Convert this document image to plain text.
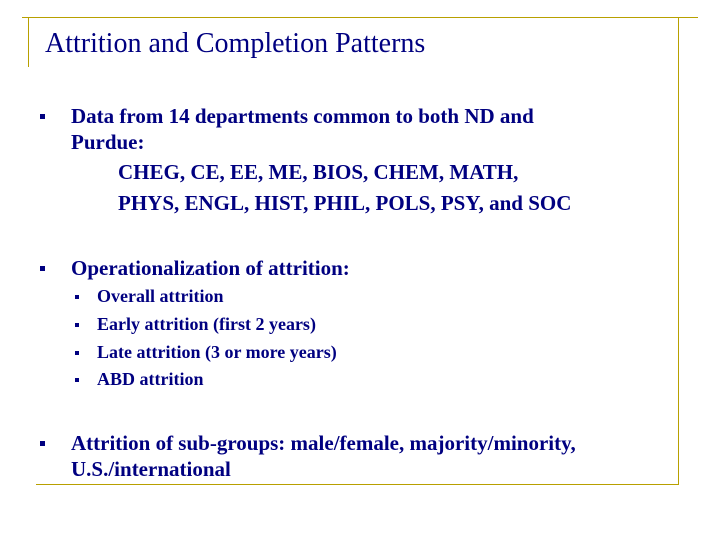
Attrition and Completion Patterns
Data from 14 departments common to both ND and
Purdue:
CHEG, CE, EE, ME, BIOS, CHEM, MATH,
PHYS, ENGL, HIST, PHIL, POLS, PSY, and SOC
Operationalization of attrition:
Overall attrition
Early attrition (first 2 years)
Late attrition (3 or more years)
ABD attrition
Attrition of sub-groups: male/female, majority/minority,
U.S./international
